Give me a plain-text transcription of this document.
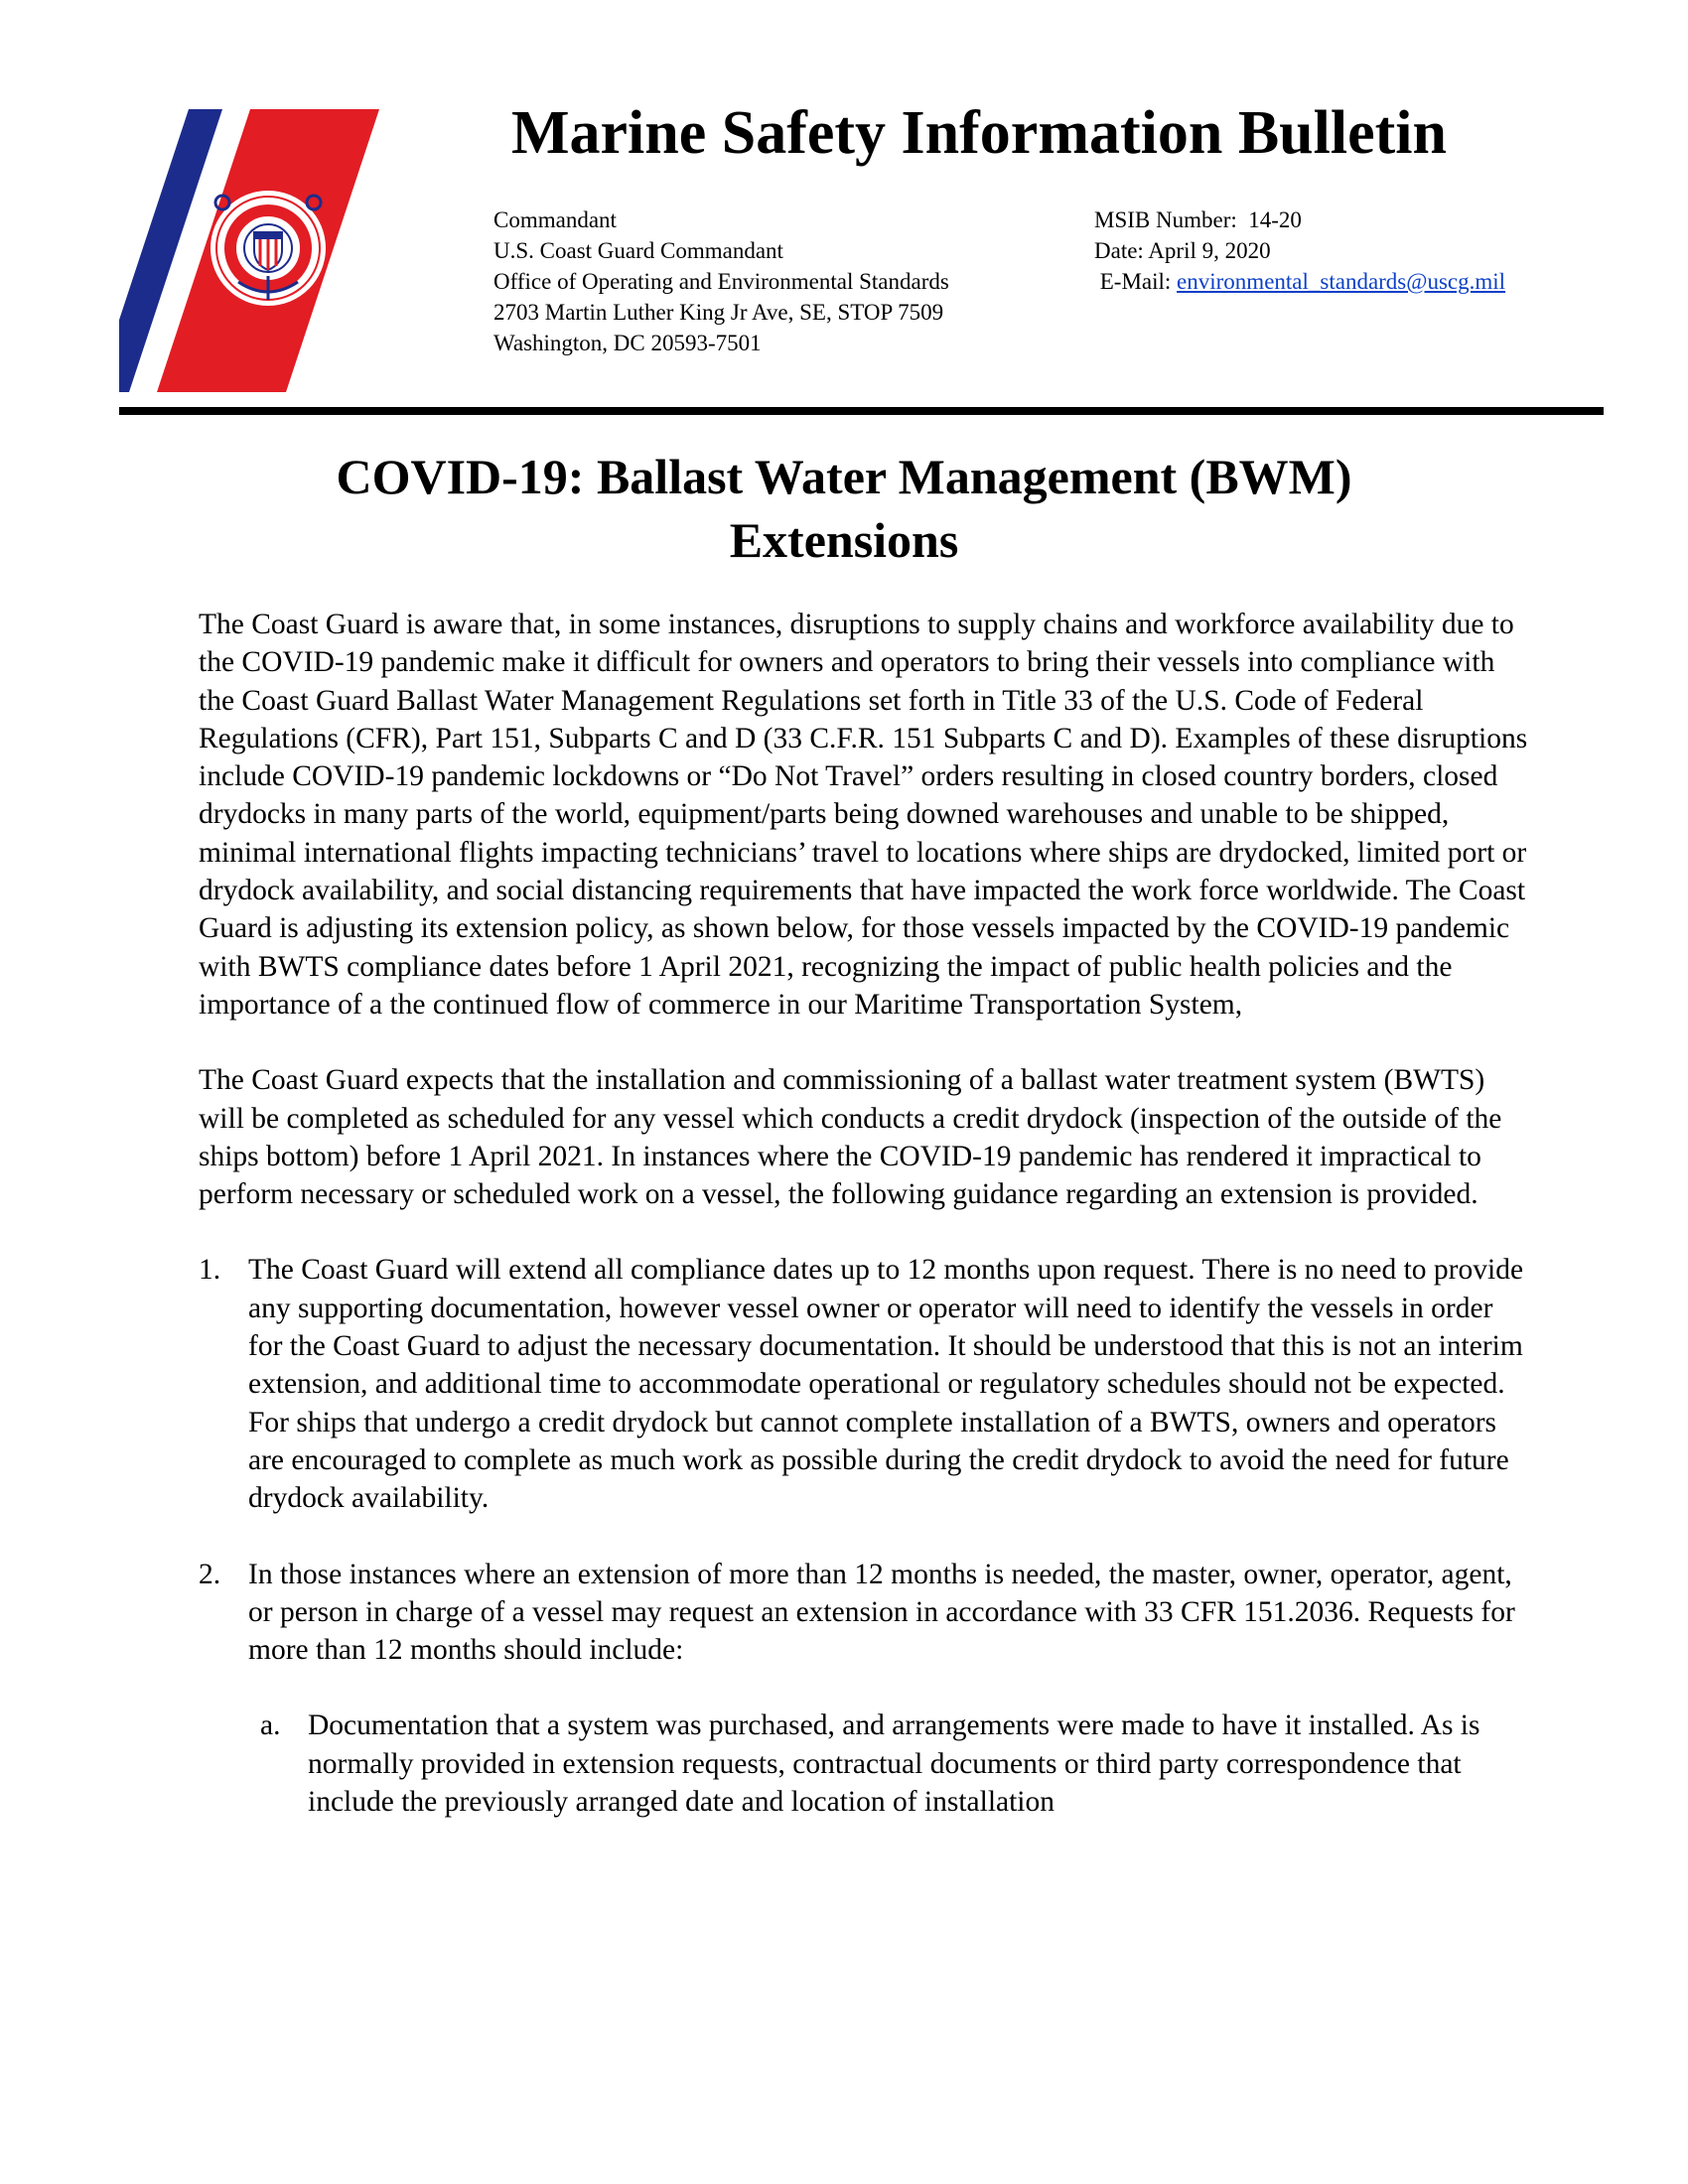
Marine Safety Information Bulletin
Commandant
U.S. Coast Guard Commandant
Office of Operating and Environmental Standards
2703 Martin Luther King Jr Ave, SE, STOP 7509
Washington, DC 20593-7501
MSIB Number: 14-20
Date: April 9, 2020
E-Mail: environmental_standards@uscg.mil
COVID-19: Ballast Water Management (BWM)
Extensions

The Coast Guard is aware that, in some instances, disruptions to supply chains and workforce availability due to the COVID-19 pandemic make it difficult for owners and operators to bring their vessels into compliance with the Coast Guard Ballast Water Management Regulations set forth in Title 33 of the U.S. Code of Federal Regulations (CFR), Part 151, Subparts C and D (33 C.F.R. 151 Subparts C and D). Examples of these disruptions include COVID-19 pandemic lockdowns or “Do Not Travel” orders resulting in closed country borders, closed drydocks in many parts of the world, equipment/parts being downed warehouses and unable to be shipped, minimal international flights impacting technicians’ travel to locations where ships are drydocked, limited port or drydock availability, and social distancing requirements that have impacted the work force worldwide. The Coast Guard is adjusting its extension policy, as shown below, for those vessels impacted by the COVID-19 pandemic with BWTS compliance dates before 1 April 2021, recognizing the impact of public health policies and the importance of a the continued flow of commerce in our Maritime Transportation System,

The Coast Guard expects that the installation and commissioning of a ballast water treatment system (BWTS) will be completed as scheduled for any vessel which conducts a credit drydock (inspection of the outside of the ships bottom) before 1 April 2021. In instances where the COVID-19 pandemic has rendered it impractical to perform necessary or scheduled work on a vessel, the following guidance regarding an extension is provided.

1. The Coast Guard will extend all compliance dates up to 12 months upon request. There is no need to provide any supporting documentation, however vessel owner or operator will need to identify the vessels in order for the Coast Guard to adjust the necessary documentation. It should be understood that this is not an interim extension, and additional time to accommodate operational or regulatory schedules should not be expected. For ships that undergo a credit drydock but cannot complete installation of a BWTS, owners and operators are encouraged to complete as much work as possible during the credit drydock to avoid the need for future drydock availability.
2. In those instances where an extension of more than 12 months is needed, the master, owner, operator, agent, or person in charge of a vessel may request an extension in accordance with 33 CFR 151.2036. Requests for more than 12 months should include:
a. Documentation that a system was purchased, and arrangements were made to have it installed. As is normally provided in extension requests, contractual documents or third party correspondence that include the previously arranged date and location of installation
